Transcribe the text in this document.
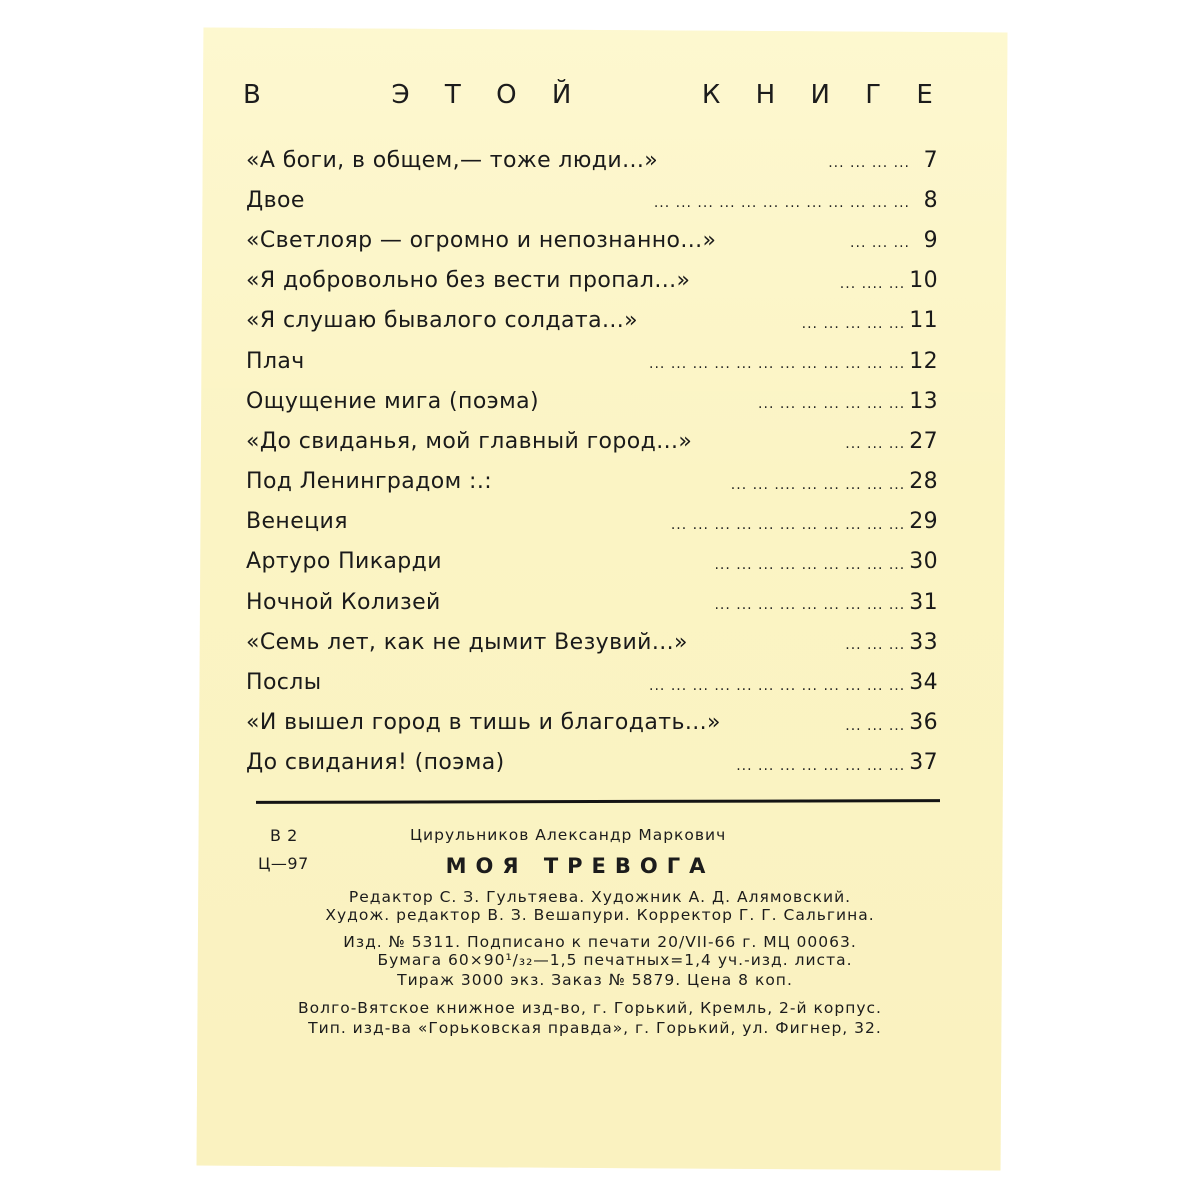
В	Э Т О Й	К Н И Г Е
«А боги, в общем,— тоже люди...»	... ... ... ... 7
Двое	... ... ... ... ... ... ... ... ... ... ... ... 8
«Светлояр — огромно и непознанно...»	... ... ... 9
«Я добровольно без вести пропал...»	... .... ... 10
«Я слушаю бывалого солдата...»	... ... ... ... ... 11
Плач	... ... ... ... ... ... ... ... ... ... ... ... 12
Ощущение мига (поэма)	... ... ... ... ... ... ... 13
«До свиданья, мой главный город...»	... ... ... 27
Под Ленинградом :.:	... ... ... ... ... .... ... ... 28
Венеция	... ... ... ... ... ... ... ... ... ... ... 29
Артуро Пикарди	... ... ... ... ... ... ... ... ... 30
Ночной Колизей	... ... ... ... ... ... ... ... ... 31
«Семь лет, как не дымит Везувий...»	... ... ... 33
Послы	... ... ... ... ... ... ... ... ... ... ... ... 34
«И вышел город в тишь и благодать...»	... ... ... 36
До свидания! (поэма)	... ... ... ... ... ... ... ... 37
В 2
Ц—97
Цирульников Александр Маркович
МОЯ ТРЕВОГА
Редактор С. З. Гультяева. Художник А. Д. Алямовский.
Худож. редактор В. З. Вешапури. Корректор Г. Г. Сальгина.
Изд. № 5311. Подписано к печати 20/VII-66 г. МЦ 00063.
Бумага 60×90¹/₃₂—1,5 печатных=1,4 уч.-изд. листа.
Тираж 3000 экз. Заказ № 5879. Цена 8 коп.
Волго-Вятское книжное изд-во, г. Горький, Кремль, 2-й корпус.
Тип. изд-ва «Горьковская правда», г. Горький, ул. Фигнер, 32.
